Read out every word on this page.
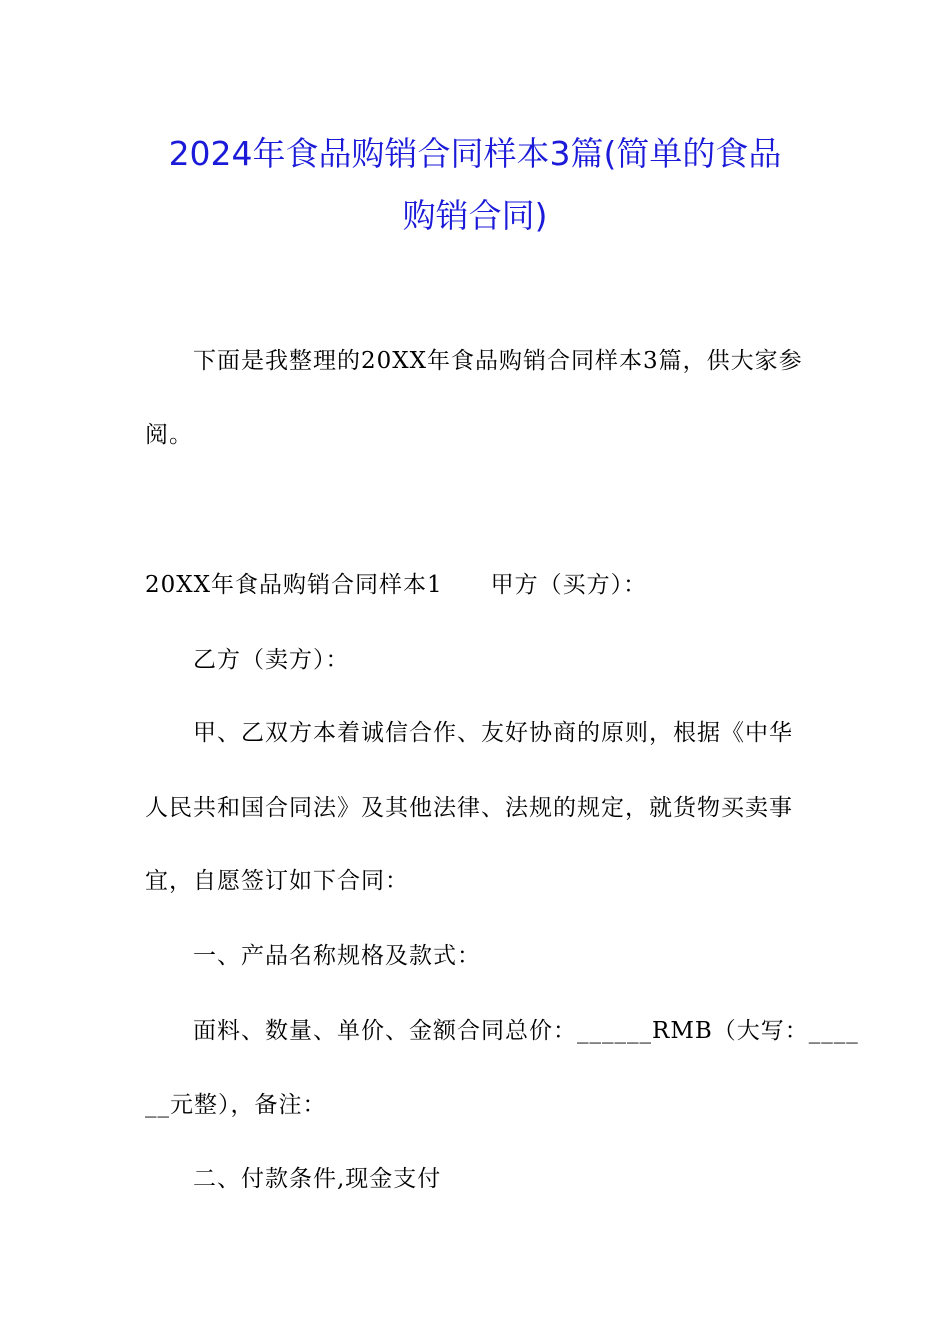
2024年食品购销合同样本3篇(简单的食品
购销合同)
下面是我整理的20XX年食品购销合同样本3篇，供大家参
阅。
20XX年食品购销合同样本1　　甲方（买方）：
乙方（卖方）：
甲、乙双方本着诚信合作、友好协商的原则，根据《中华
人民共和国合同法》及其他法律、法规的规定，就货物买卖事
宜，自愿签订如下合同：
一、产品名称规格及款式：
面料、数量、单价、金额合同总价：______RMB（大写：____
__元整），备注：
二、付款条件,现金支付
